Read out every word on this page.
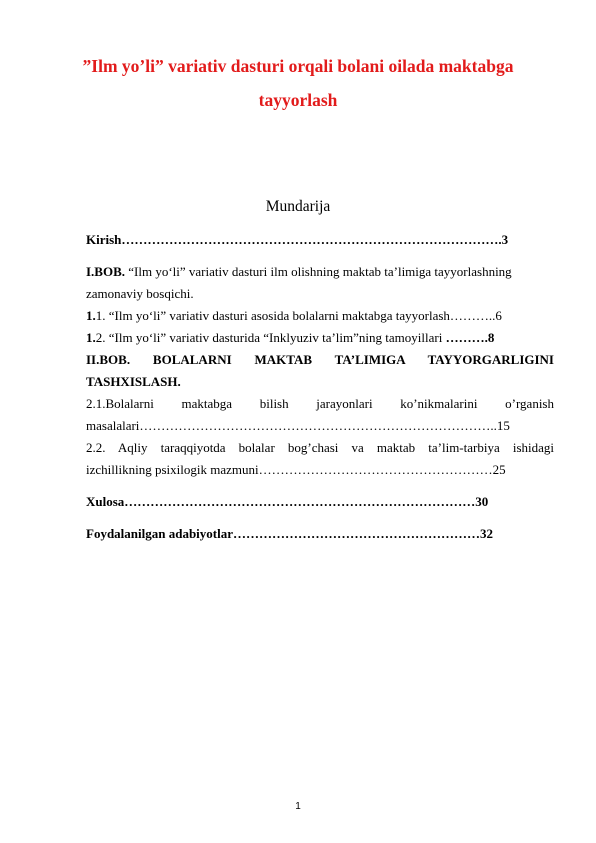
”Ilm yo’li” variativ dasturi orqali bolani oilada maktabga
tayyorlash
Mundarija
Kirish…………………………………………………………………………….3
I.BOB. “Ilm yo‘li” variativ dasturi ilm olishning maktab ta’limiga tayyorlashning
zamonaviy bosqichi.
1.1. “Ilm yo‘li” variativ dasturi asosida bolalarni maktabga tayyorlash………..6
1.2. “Ilm yo‘li” variativ dasturida “Inklyuziv ta’lim”ning tamoyillari ……….8
II.BOB. BOLALARNI MAKTAB TA’LIMIGA TAYYORGARLIGINI
TASHXISLASH.
2.1.Bolalarni maktabga bilish jarayonlari ko’nikmalarini o’rganish
masalalari………………………………………………………………………..15
2.2. Aqliy taraqqiyotda bolalar bog’chasi va maktab ta’lim-tarbiya ishidagi
izchillikning psixilogik mazmuni………………………………………………25
Xulosa………………………………………………………………………30
Foydalanilgan adabiyotlar…………………………………………………32
1
